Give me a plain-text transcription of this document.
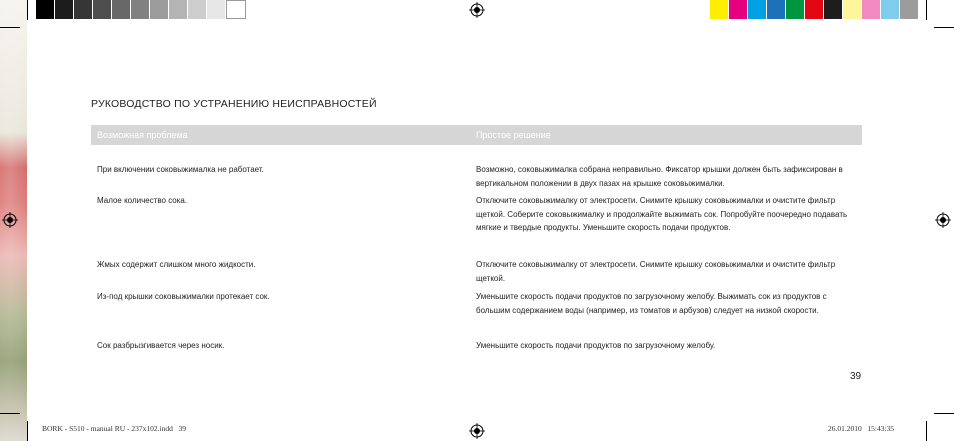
РУКОВОДСТВО ПО УСТРАНЕНИЮ НЕИСПРАВНОСТЕЙ
Возможная проблема	Простое решение
При включении соковыжималка не работает.	Возможно, соковыжималка собрана неправильно. Фиксатор крышки должен быть зафиксирован в вертикальном положении в двух пазах на крышке соковыжималки.
Малое количество сока.	Отключите соковыжималку от электросети. Снимите крышку соковыжималки и очистите фильтр щеткой. Соберите соковыжималку и продолжайте выжимать сок. Попробуйте поочередно подавать мягкие и твердые продукты. Уменьшите скорость подачи продуктов.
Жмых содержит слишком много жидкости.	Отключите соковыжималку от электросети. Снимите крышку соковыжималки и очистите фильтр щеткой.
Из-под крышки соковыжималки протекает сок.	Уменьшите скорость подачи продуктов по загрузочному желобу. Выжимать сок из продуктов с большим содержанием воды (например, из томатов и арбузов) следует на низкой скорости.
Сок разбрызгивается через носик.	Уменьшите скорость подачи продуктов по загрузочному желобу.
39
BORK - S510 - manual RU - 237x102.indd   39	26.01.2010   15:43:35
